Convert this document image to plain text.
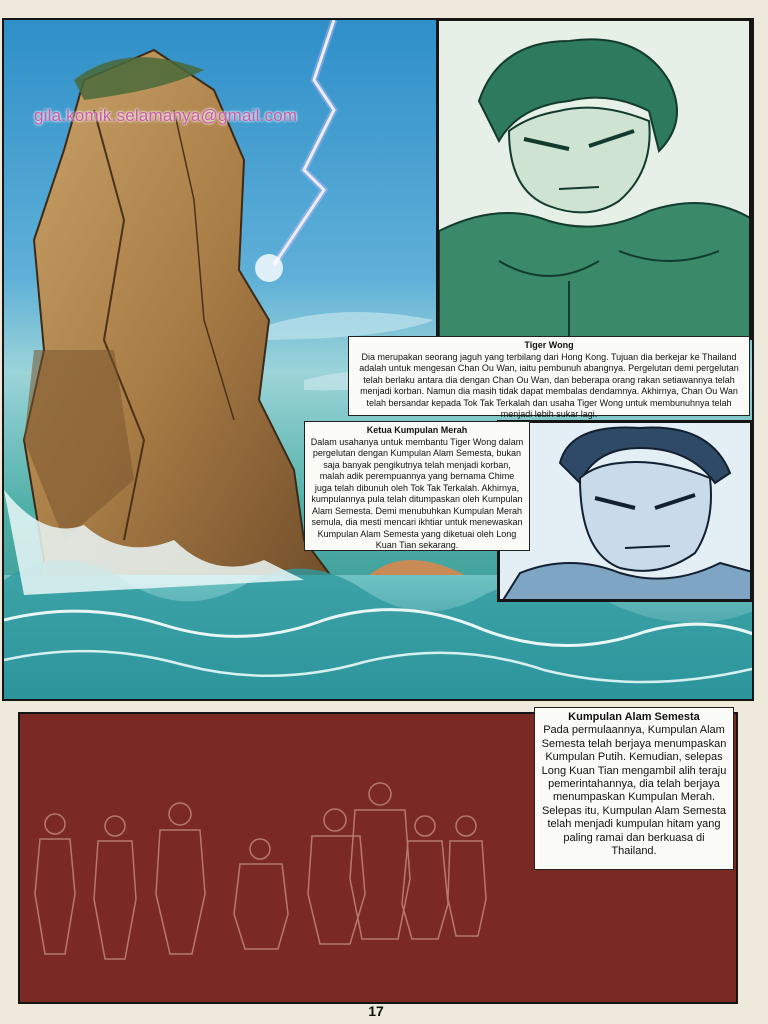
gila.komik.selamanya@gmail.com
Tiger Wong
Dia merupakan seorang jaguh yang terbilang dari Hong Kong. Tujuan dia berkejar ke Thailand adalah untuk mengesan Chan Ou Wan, iaitu pembunuh abangnya. Pergelutan demi pergelutan telah berlaku antara dia dengan Chan Ou Wan, dan beberapa orang rakan setiawannya telah menjadi korban. Namun dia masih tidak dapat membalas dendamnya. Akhirnya, Chan Ou Wan telah bersandar kepada Tok Tak Terkalah dan usaha Tiger Wong untuk membunuhnya telah menjadi lebih sukar lagi.
Ketua Kumpulan Merah
Dalam usahanya untuk membantu Tiger Wong dalam pergelutan dengan Kumpulan Alam Semesta, bukan saja banyak pengikutnya telah menjadi korban, malah adik perempuannya yang bernama Chime juga telah dibunuh oleh Tok Tak Terkalah. Akhirnya, kumpulannya pula telah ditumpaskan oleh Kumpulan Alam Semesta. Demi menubuhkan Kumpulan Merah semula, dia mesti mencari ikhtiar untuk menewaskan Kumpulan Alam Semesta yang diketuai oleh Long Kuan Tian sekarang.
Kumpulan Alam Semesta
Pada permulaannya, Kumpulan Alam Semesta telah berjaya menumpaskan Kumpulan Putih. Kemudian, selepas Long Kuan Tian mengambil alih teraju pemerintahannya, dia telah berjaya menumpaskan Kumpulan Merah. Selepas itu, Kumpulan Alam Semesta telah menjadi kumpulan hitam yang paling ramai dan berkuasa di Thailand.
17
